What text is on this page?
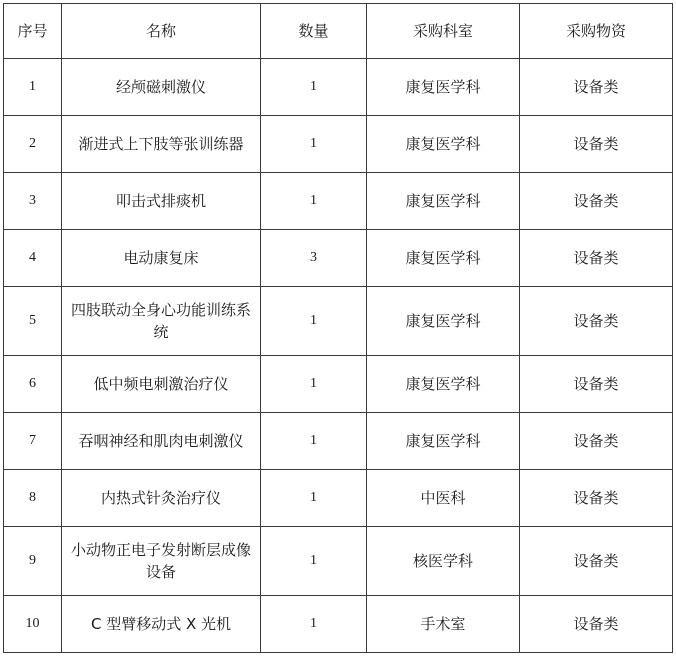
序号	名称	数量	采购科室	采购物资
1	经颅磁刺激仪	1	康复医学科	设备类
2	渐进式上下肢等张训练器	1	康复医学科	设备类
3	叩击式排痰机	1	康复医学科	设备类
4	电动康复床	3	康复医学科	设备类
5	四肢联动全身心功能训练系统	1	康复医学科	设备类
6	低中频电刺激治疗仪	1	康复医学科	设备类
7	吞咽神经和肌肉电刺激仪	1	康复医学科	设备类
8	内热式针灸治疗仪	1	中医科	设备类
9	小动物正电子发射断层成像设备	1	核医学科	设备类
10	C 型臂移动式 X 光机	1	手术室	设备类
